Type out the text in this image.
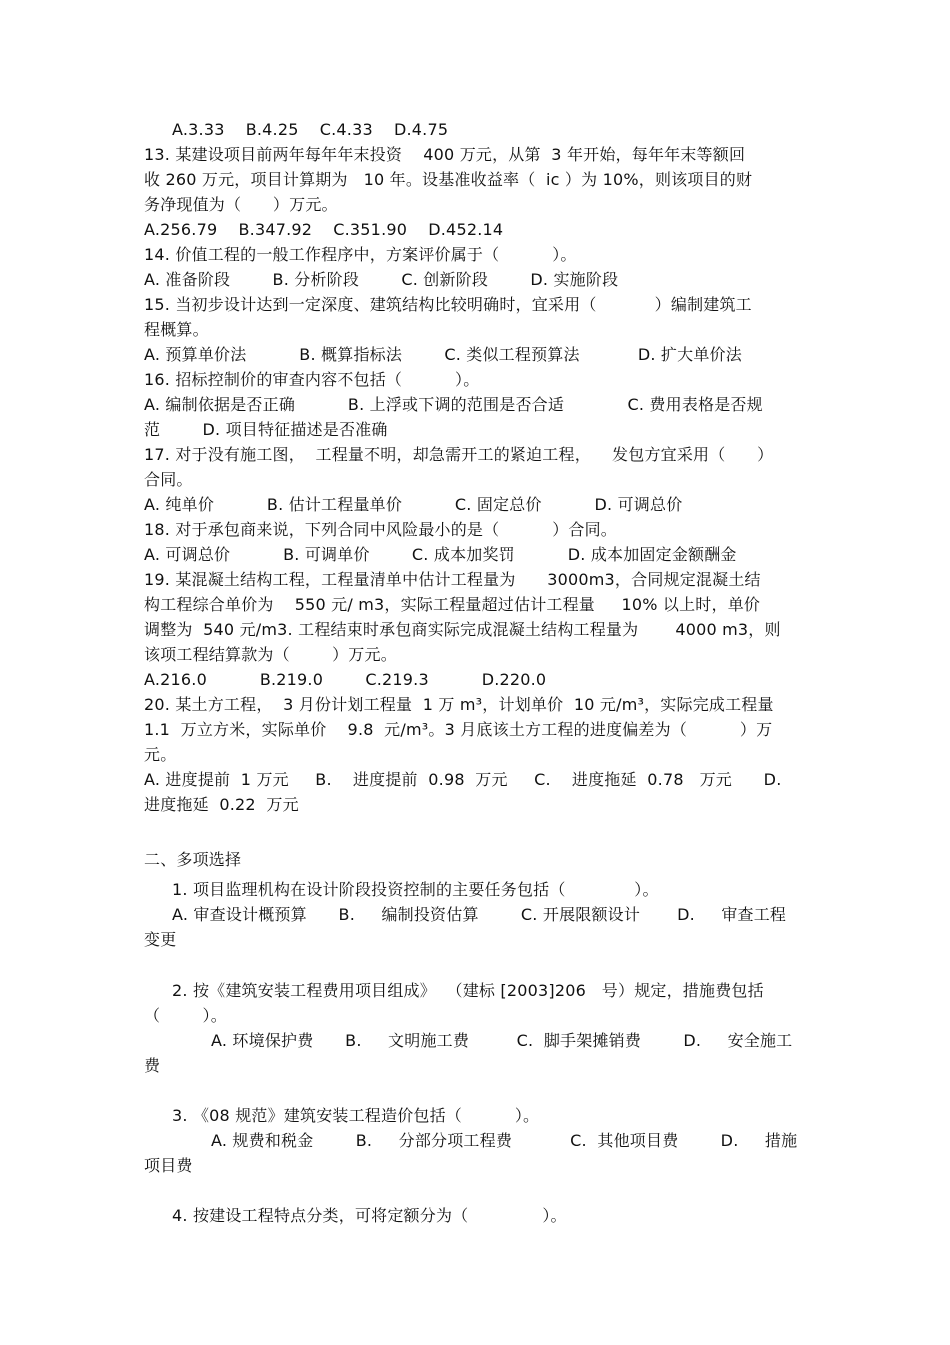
A.3.33    B.4.25    C.4.33    D.4.75
13. 某建设项目前两年每年年末投资    400 万元，从第  3 年开始，每年年末等额回
收 260 万元，项目计算期为   10 年。设基准收益率（  ic ）为 10%，则该项目的财
务净现值为（      ）万元。
A.256.79    B.347.92    C.351.90    D.452.14
14. 价值工程的一般工作程序中，方案评价属于（          ）。
A. 准备阶段        B. 分析阶段        C. 创新阶段        D. 实施阶段
15. 当初步设计达到一定深度、建筑结构比较明确时，宜采用（           ）编制建筑工
程概算。
A. 预算单价法          B. 概算指标法        C. 类似工程预算法           D. 扩大单价法
16. 招标控制价的审查内容不包括（          ）。
A. 编制依据是否正确          B. 上浮或下调的范围是否合适            C. 费用表格是否规
范        D. 项目特征描述是否准确
17. 对于没有施工图，  工程量不明，却急需开工的紧迫工程，    发包方宜采用（      ）
合同。
A. 纯单价          B. 估计工程量单价          C. 固定总价          D. 可调总价
18. 对于承包商来说，下列合同中风险最小的是（          ）合同。
A. 可调总价          B. 可调单价        C. 成本加奖罚          D. 成本加固定金额酬金
19. 某混凝土结构工程，工程量清单中估计工程量为      3000m3，合同规定混凝土结
构工程综合单价为    550 元/ m3，实际工程量超过估计工程量     10% 以上时，单价
调整为  540 元/m3. 工程结束时承包商实际完成混凝土结构工程量为       4000 m3，则
该项工程结算款为（        ）万元。
A.216.0          B.219.0        C.219.3          D.220.0
20. 某土方工程，  3 月份计划工程量  1 万 m³，计划单价  10 元/m³，实际完成工程量
1.1  万立方米，实际单价    9.8  元/m³。3 月底该土方工程的进度偏差为（          ）万
元。
A. 进度提前  1 万元     B.    进度提前  0.98  万元     C.    进度拖延  0.78   万元      D.
进度拖延  0.22  万元
二、多项选择
1. 项目监理机构在设计阶段投资控制的主要任务包括（             ）。
A. 审查设计概预算      B.     编制投资估算        C. 开展限额设计       D.     审查工程
变更
2. 按《建筑安装工程费用项目组成》  （建标 [2003]206   号）规定，措施费包括
（        ）。
A. 环境保护费      B.     文明施工费         C.  脚手架摊销费        D.     安全施工
费
3. 《08 规范》建筑安装工程造价包括（          ）。
A. 规费和税金        B.     分部分项工程费           C.  其他项目费        D.     措施
项目费
4. 按建设工程特点分类，可将定额分为（              ）。
